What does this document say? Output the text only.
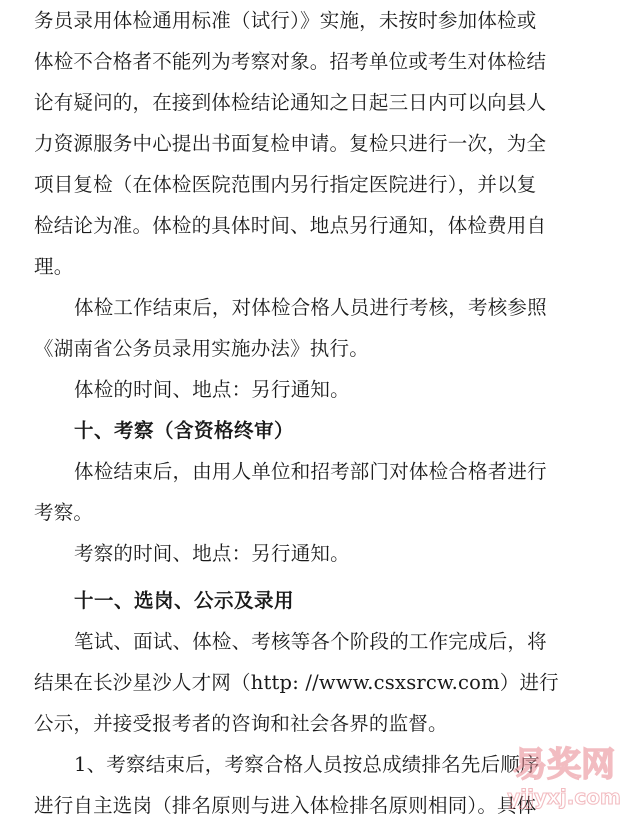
务员录用体检通用标准（试行）》实施，未按时参加体检或
体检不合格者不能列为考察对象。招考单位或考生对体检结
论有疑问的，在接到体检结论通知之日起三日内可以向县人
力资源服务中心提出书面复检申请。复检只进行一次，为全
项目复检（在体检医院范围内另行指定医院进行），并以复
检结论为准。体检的具体时间、地点另行通知，体检费用自
理。
体检工作结束后，对体检合格人员进行考核，考核参照
《湖南省公务员录用实施办法》执行。
体检的时间、地点：另行通知。
十、考察（含资格终审）
体检结束后，由用人单位和招考部门对体检合格者进行
考察。
考察的时间、地点：另行通知。
十一、选岗、公示及录用
笔试、面试、体检、考核等各个阶段的工作完成后，将
结果在长沙星沙人才网（http: //www.csxsrcw.com）进行
公示，并接受报考者的咨询和社会各界的监督。
1、考察结束后，考察合格人员按总成绩排名先后顺序
进行自主选岗（排名原则与进入体检排名原则相同）。具体
易奖网
yjjyxj.com
